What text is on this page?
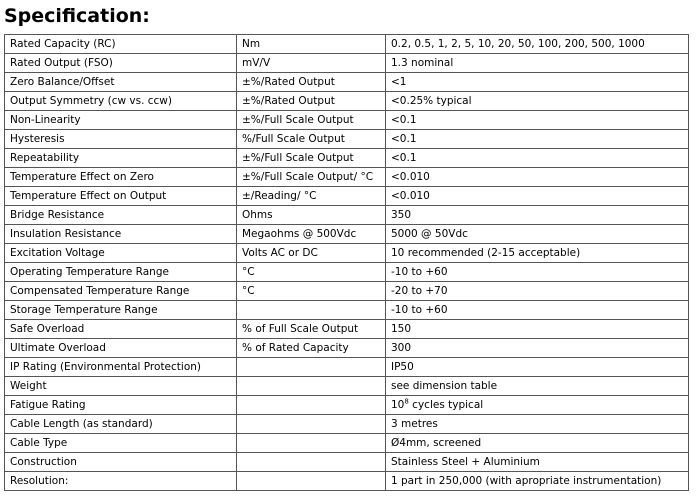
Specification:
Rated Capacity (RC)	Nm	0.2, 0.5, 1, 2, 5, 10, 20, 50, 100, 200, 500, 1000
Rated Output (FSO)	mV/V	1.3 nominal
Zero Balance/Offset	±%/Rated Output	<1
Output Symmetry (cw vs. ccw)	±%/Rated Output	<0.25% typical
Non-Linearity	±%/Full Scale Output	<0.1
Hysteresis	%/Full Scale Output	<0.1
Repeatability	±%/Full Scale Output	<0.1
Temperature Effect on Zero	±%/Full Scale Output/ °C	<0.010
Temperature Effect on Output	±/Reading/ °C	<0.010
Bridge Resistance	Ohms	350
Insulation Resistance	Megaohms @ 500Vdc	5000 @ 50Vdc
Excitation Voltage	Volts AC or DC	10 recommended (2-15 acceptable)
Operating Temperature Range	°C	-10 to +60
Compensated Temperature Range	°C	-20 to +70
Storage Temperature Range		-10 to +60
Safe Overload	% of Full Scale Output	150
Ultimate Overload	% of Rated Capacity	300
IP Rating (Environmental Protection)		IP50
Weight		see dimension table
Fatigue Rating		$10^8$ cycles typical
Cable Length (as standard)		3 metres
Cable Type		Ø4mm, screened
Construction		Stainless Steel + Aluminium
Resolution:		1 part in 250,000 (with apropriate instrumentation)
